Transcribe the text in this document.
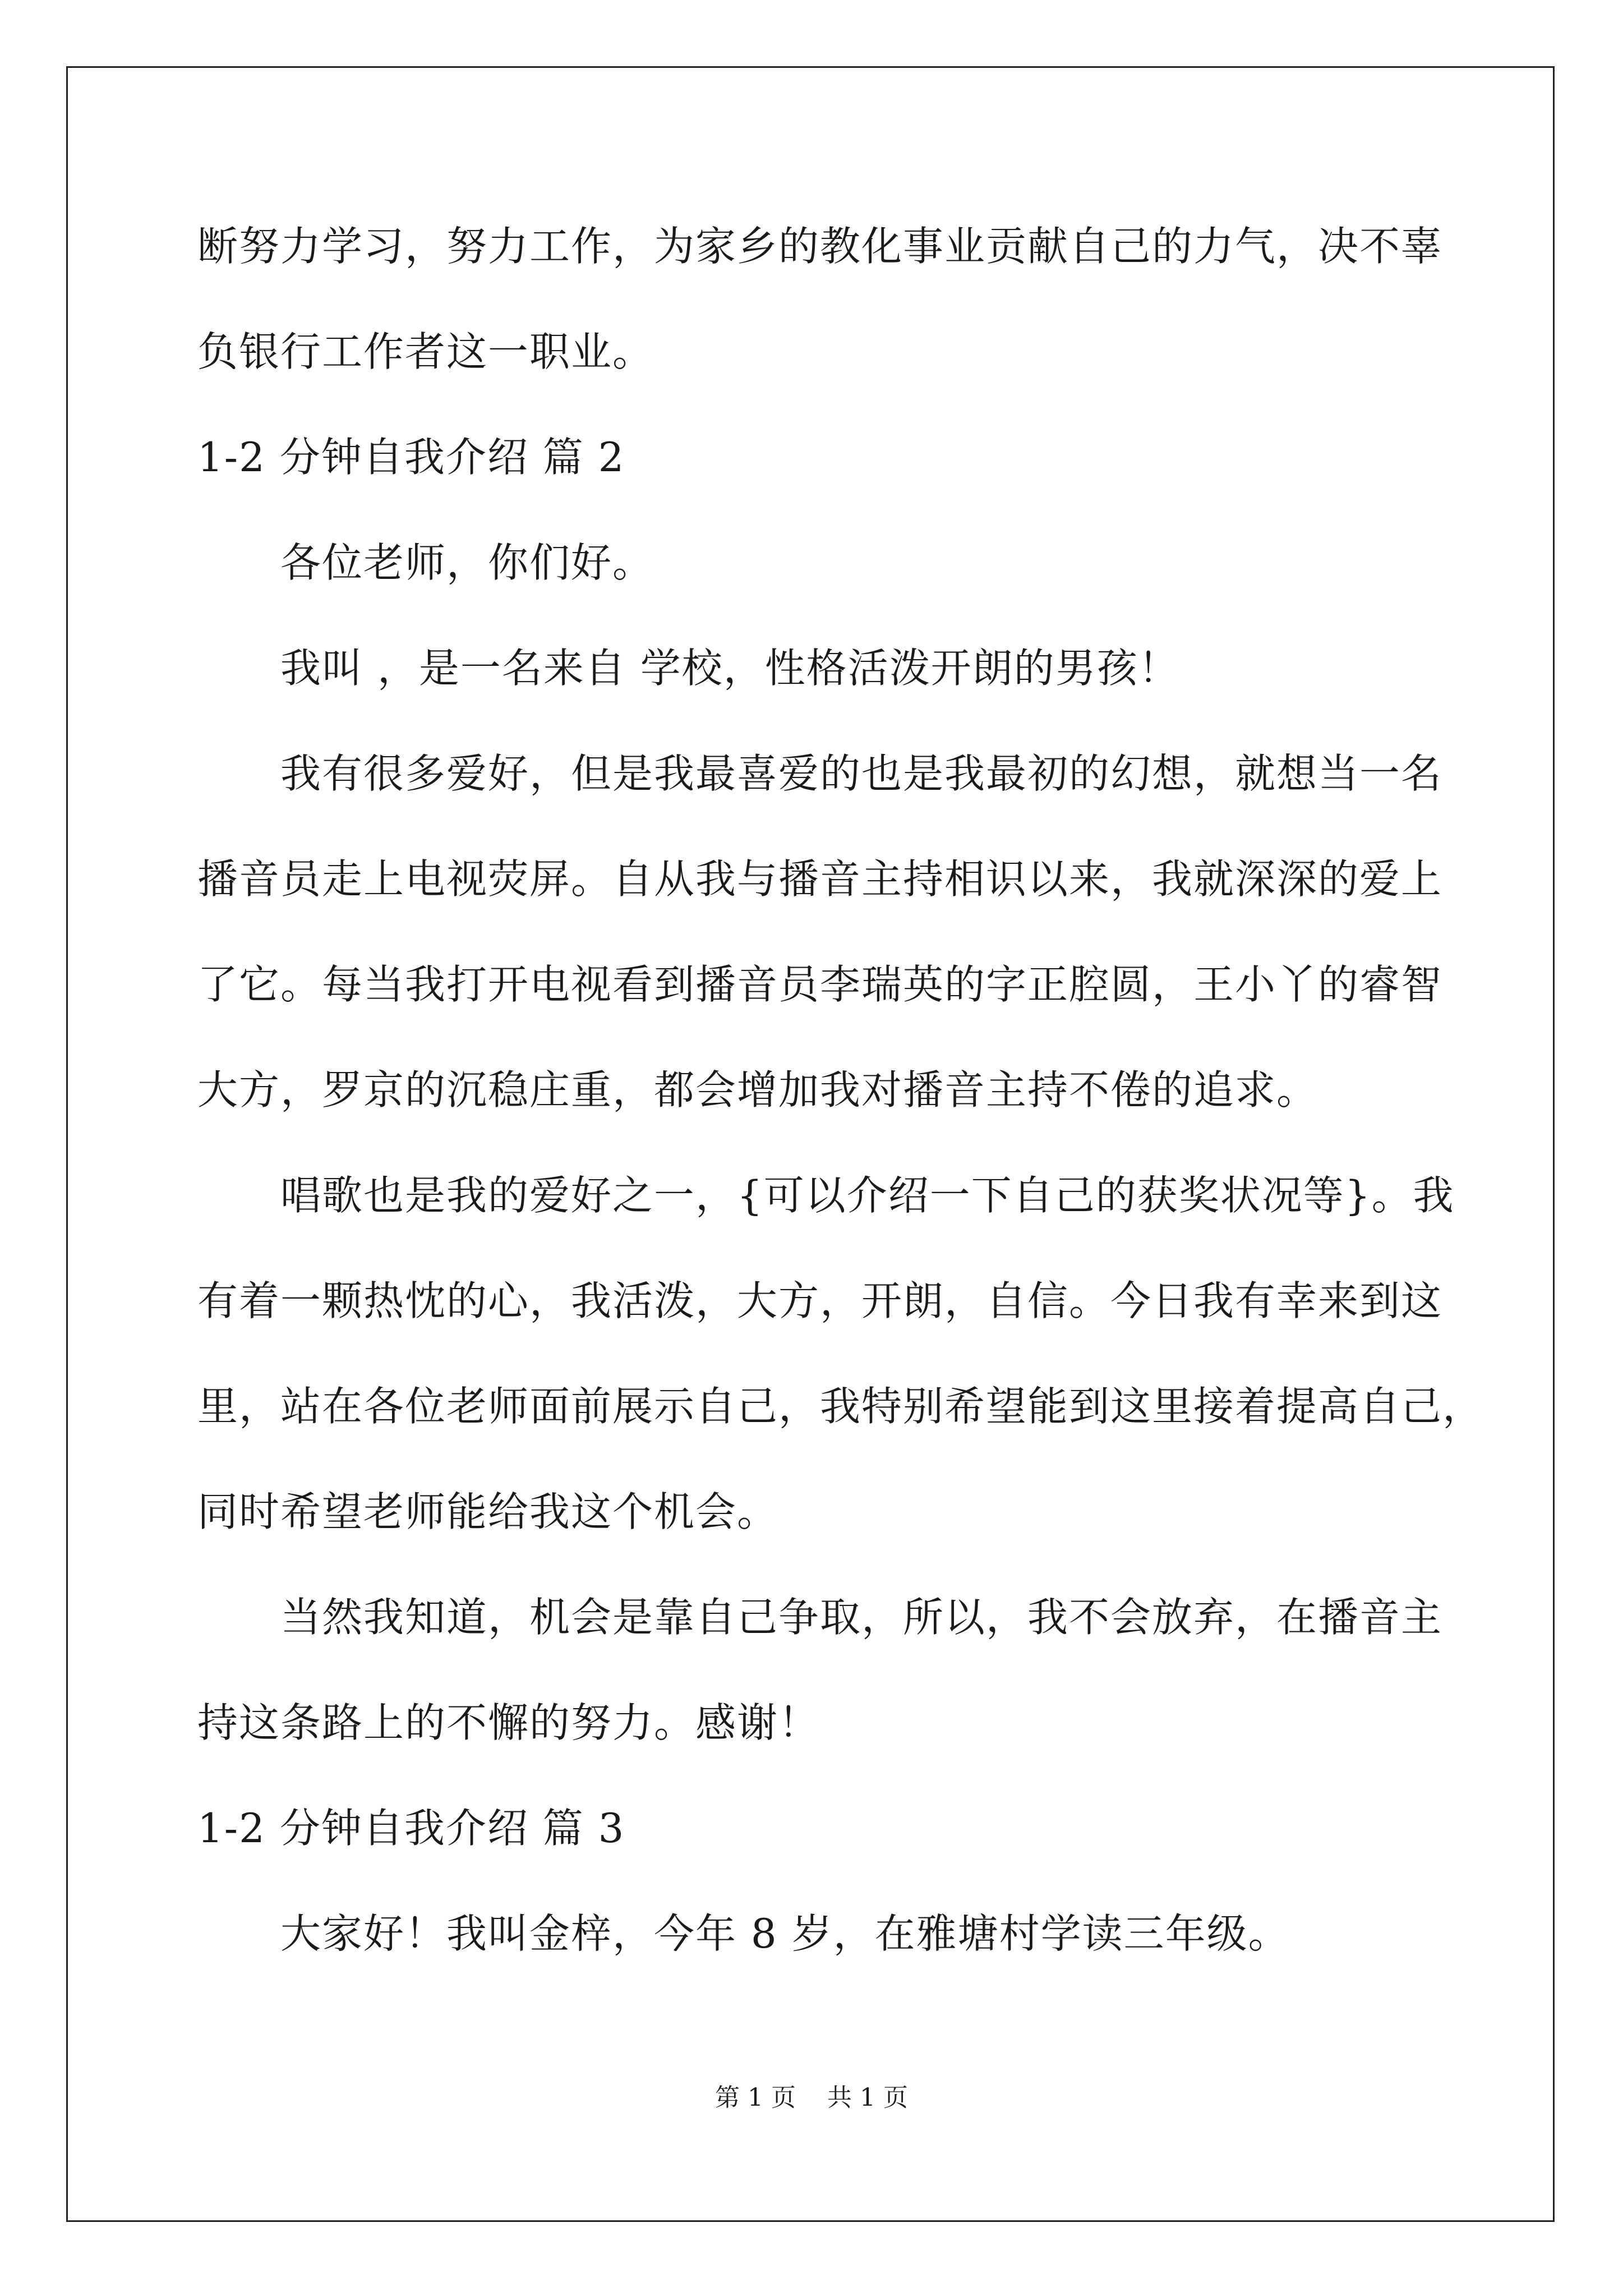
断努力学习，努力工作，为家乡的教化事业贡献自己的力气，决不辜
负银行工作者这一职业。
1-2 分钟自我介绍 篇 2
各位老师，你们好。
我叫 ，是一名来自 学校，性格活泼开朗的男孩！
我有很多爱好，但是我最喜爱的也是我最初的幻想，就想当一名
播音员走上电视荧屏。自从我与播音主持相识以来，我就深深的爱上
了它。每当我打开电视看到播音员李瑞英的字正腔圆，王小丫的睿智
大方，罗京的沉稳庄重，都会增加我对播音主持不倦的追求。
唱歌也是我的爱好之一，{可以介绍一下自己的获奖状况等}。我
有着一颗热忱的心，我活泼，大方，开朗，自信。今日我有幸来到这
里，站在各位老师面前展示自己，我特别希望能到这里接着提高自己，
同时希望老师能给我这个机会。
当然我知道，机会是靠自己争取，所以，我不会放弃，在播音主
持这条路上的不懈的努力。感谢！
1-2 分钟自我介绍 篇 3
大家好！我叫金梓，今年 8 岁，在雅塘村学读三年级。
第 1 页 共 1 页
